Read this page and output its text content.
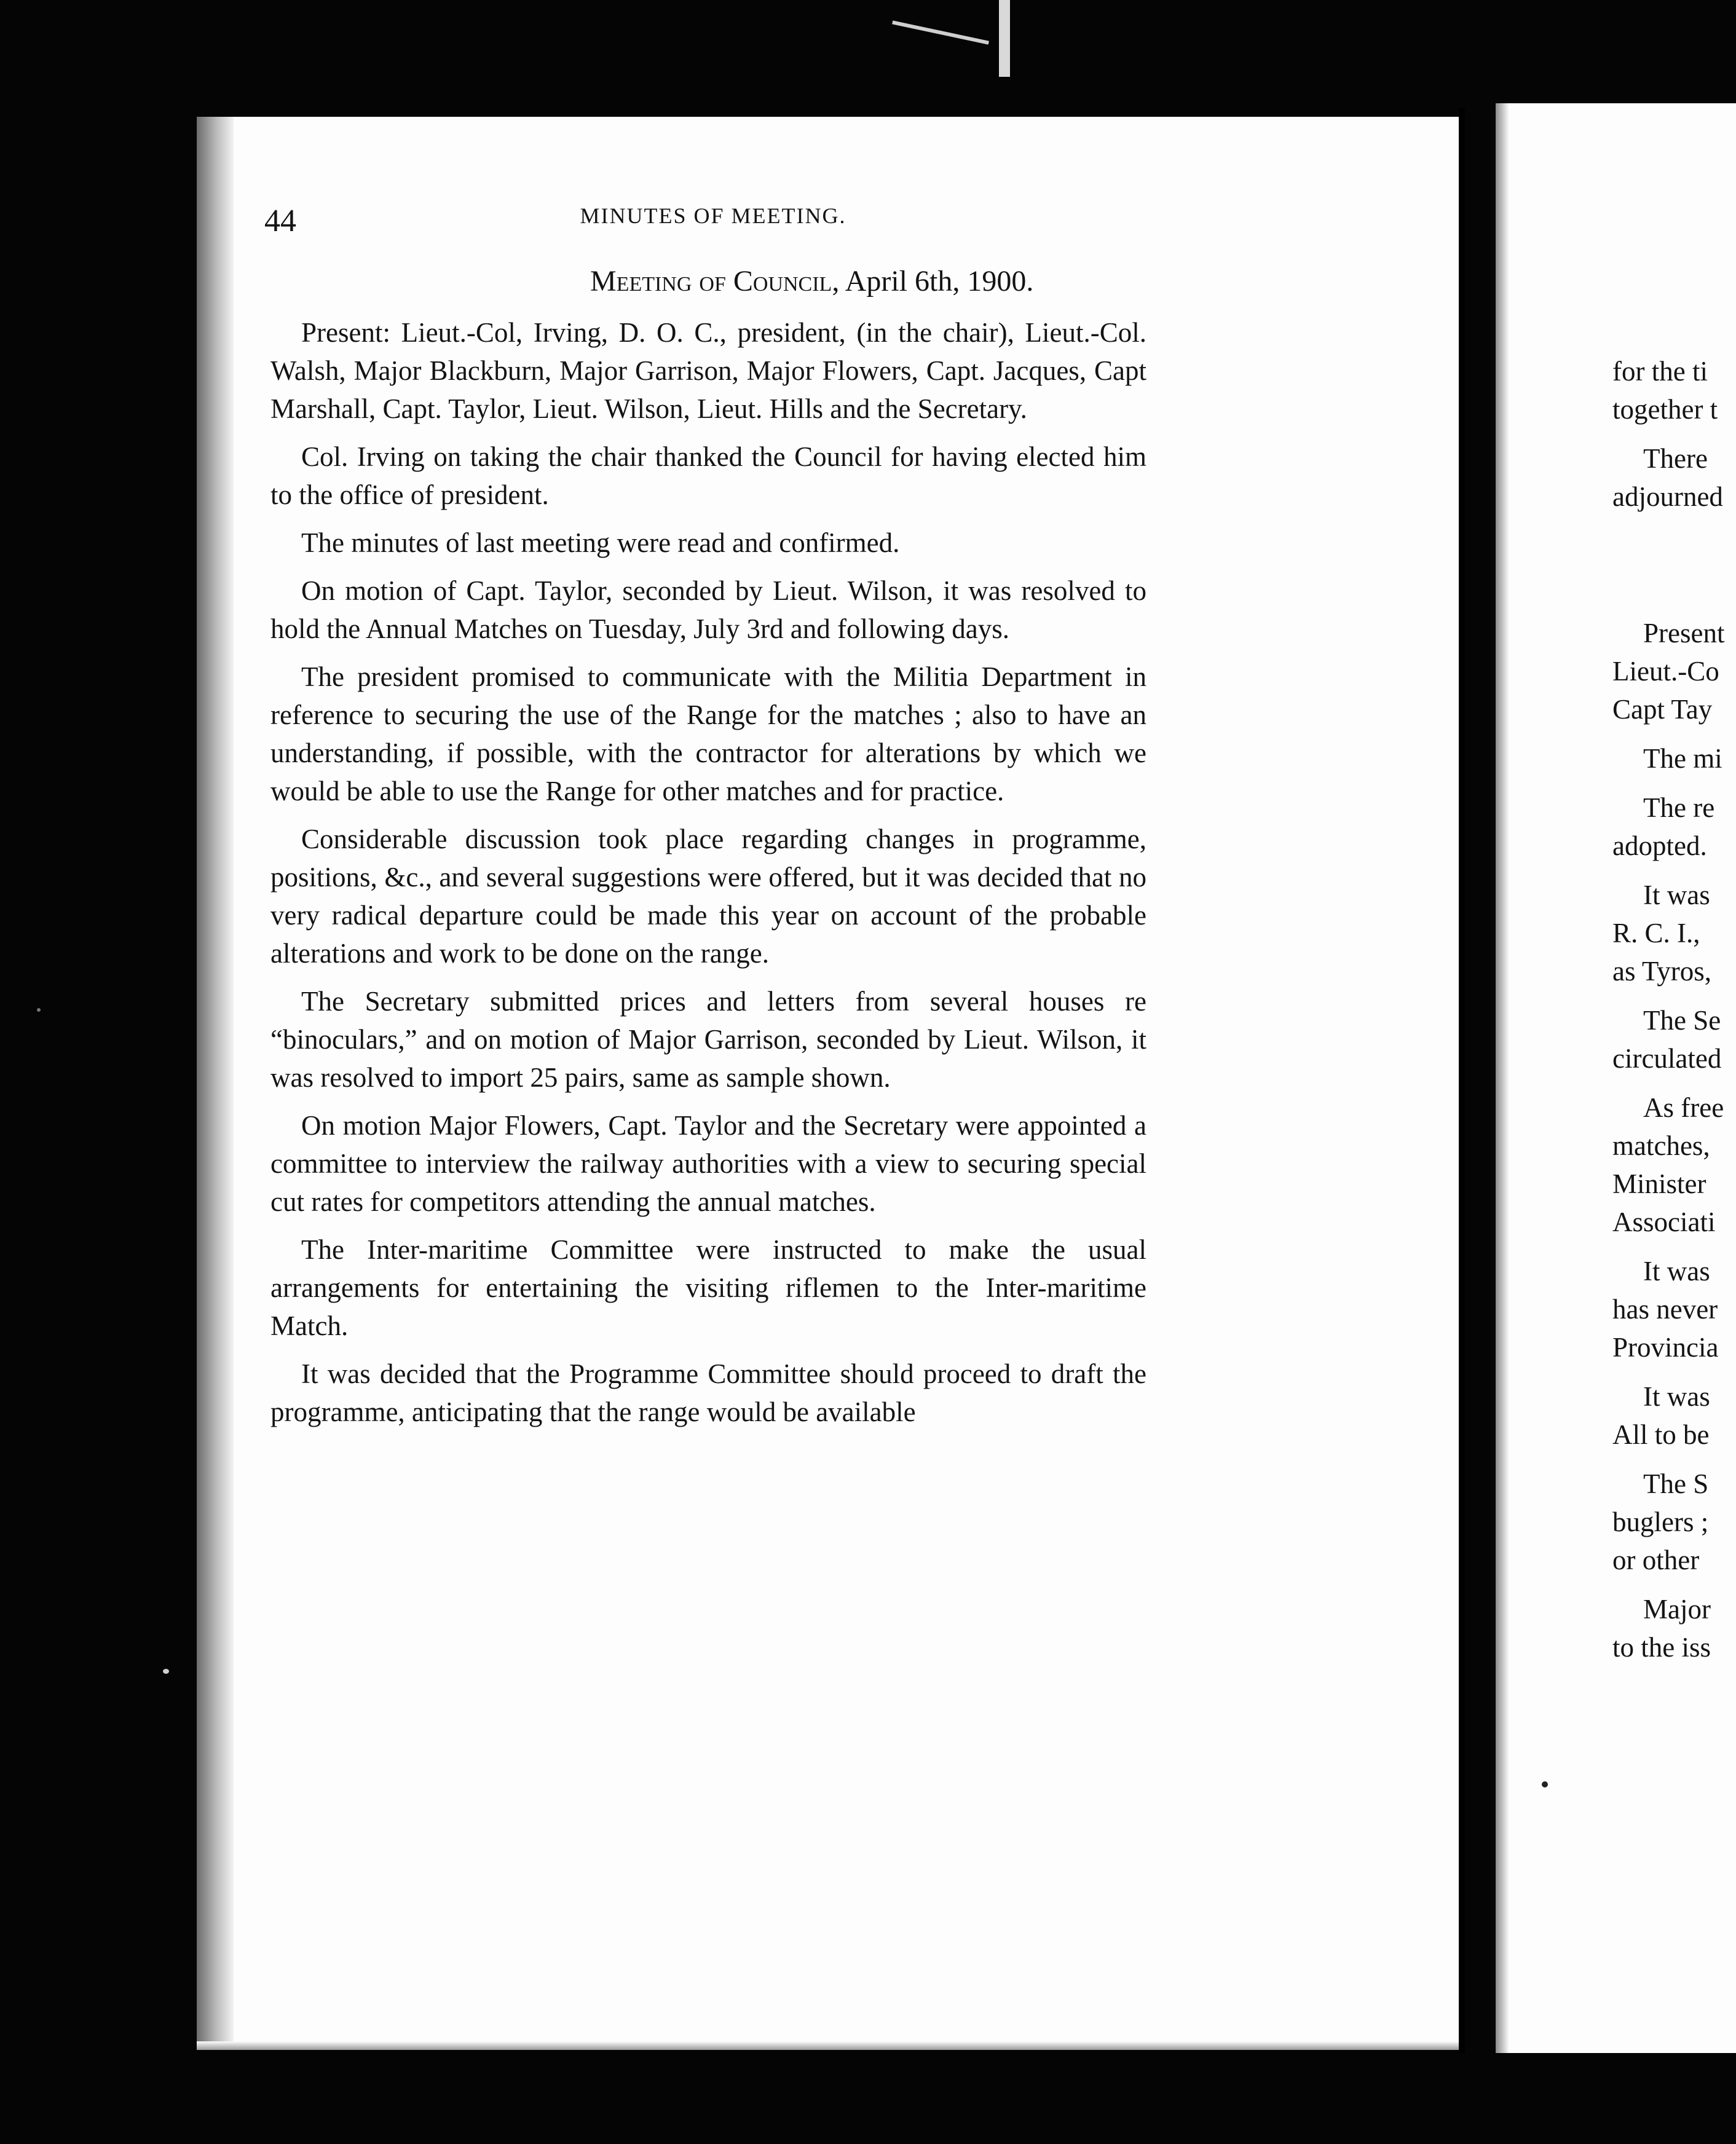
44	MINUTES OF MEETING.
Meeting of Council, April 6th, 1900.

Present: Lieut.-Col, Irving, D. O. C., president, (in the chair), Lieut.-Col. Walsh, Major Blackburn, Major Garrison, Major Flowers, Capt. Jacques, Capt Marshall, Capt. Taylor, Lieut. Wilson, Lieut. Hills and the Secretary.

Col. Irving on taking the chair thanked the Council for having elected him to the office of president.

The minutes of last meeting were read and confirmed.

On motion of Capt. Taylor, seconded by Lieut. Wilson, it was resolved to hold the Annual Matches on Tuesday, July 3rd and following days.

The president promised to communicate with the Militia Department in reference to securing the use of the Range for the matches ; also to have an understanding, if possible, with the contractor for alterations by which we would be able to use the Range for other matches and for practice.

Considerable discussion took place regarding changes in programme, positions, &c., and several suggestions were offered, but it was decided that no very radical departure could be made this year on account of the probable alterations and work to be done on the range.

The Secretary submitted prices and letters from several houses re “binoculars,” and on motion of Major Garrison, seconded by Lieut. Wilson, it was resolved to import 25 pairs, same as sample shown.

On motion Major Flowers, Capt. Taylor and the Secretary were appointed a committee to interview the railway authorities with a view to securing special cut rates for competitors attending the annual matches.

The Inter-maritime Committee were instructed to make the usual arrangements for entertaining the visiting riflemen to the Inter-maritime Match.

It was decided that the Programme Committee should proceed to draft the programme, anticipating that the range would be available

for the ti
together t
There
adjourned
Present
Lieut.-Co
Capt Tay
The mi
The re
adopted.
It was
R. C. I.,
as Tyros,
The Se
circulated
As free
matches,
Minister
Associati
It was
has never
Provincia
It was
All to be
The S
buglers ;
or other
Major
to the iss
